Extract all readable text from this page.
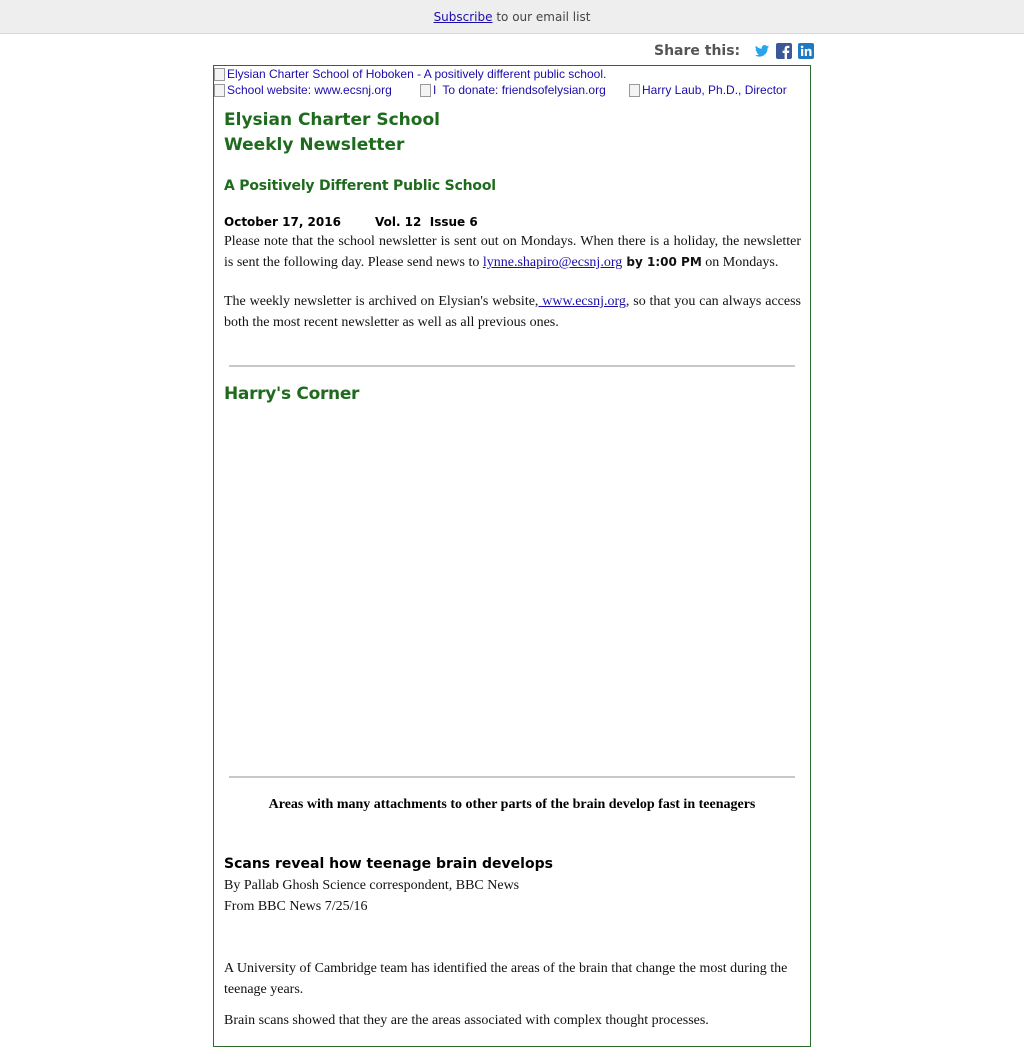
Subscribe to our email list
Share this:
Elysian Charter School of Hoboken - A positively different public school.
School website: www.ecsnj.org	I To donate: friendsofelysian.org	Harry Laub, Ph.D., Director
Elysian Charter School
Weekly Newsletter
A Positively Different Public School
October 17, 2016	Vol. 12  Issue 6

Please note that the school newsletter is sent out on Mondays. When there is a holiday, the newsletter is sent the following day. Please send news to lynne.shapiro@ecsnj.org by 1:00 PM on Mondays.

The weekly newsletter is archived on Elysian's website, www.ecsnj.org, so that you can always access both the most recent newsletter as well as all previous ones.

Harry's Corner
Areas with many attachments to other parts of the brain develop fast in teenagers
Scans reveal how teenage brain develops
By Pallab Ghosh Science correspondent, BBC News
From BBC News 7/25/16
A University of Cambridge team has identified the areas of the brain that change the most during the teenage years.
Brain scans showed that they are the areas associated with complex thought processes.
